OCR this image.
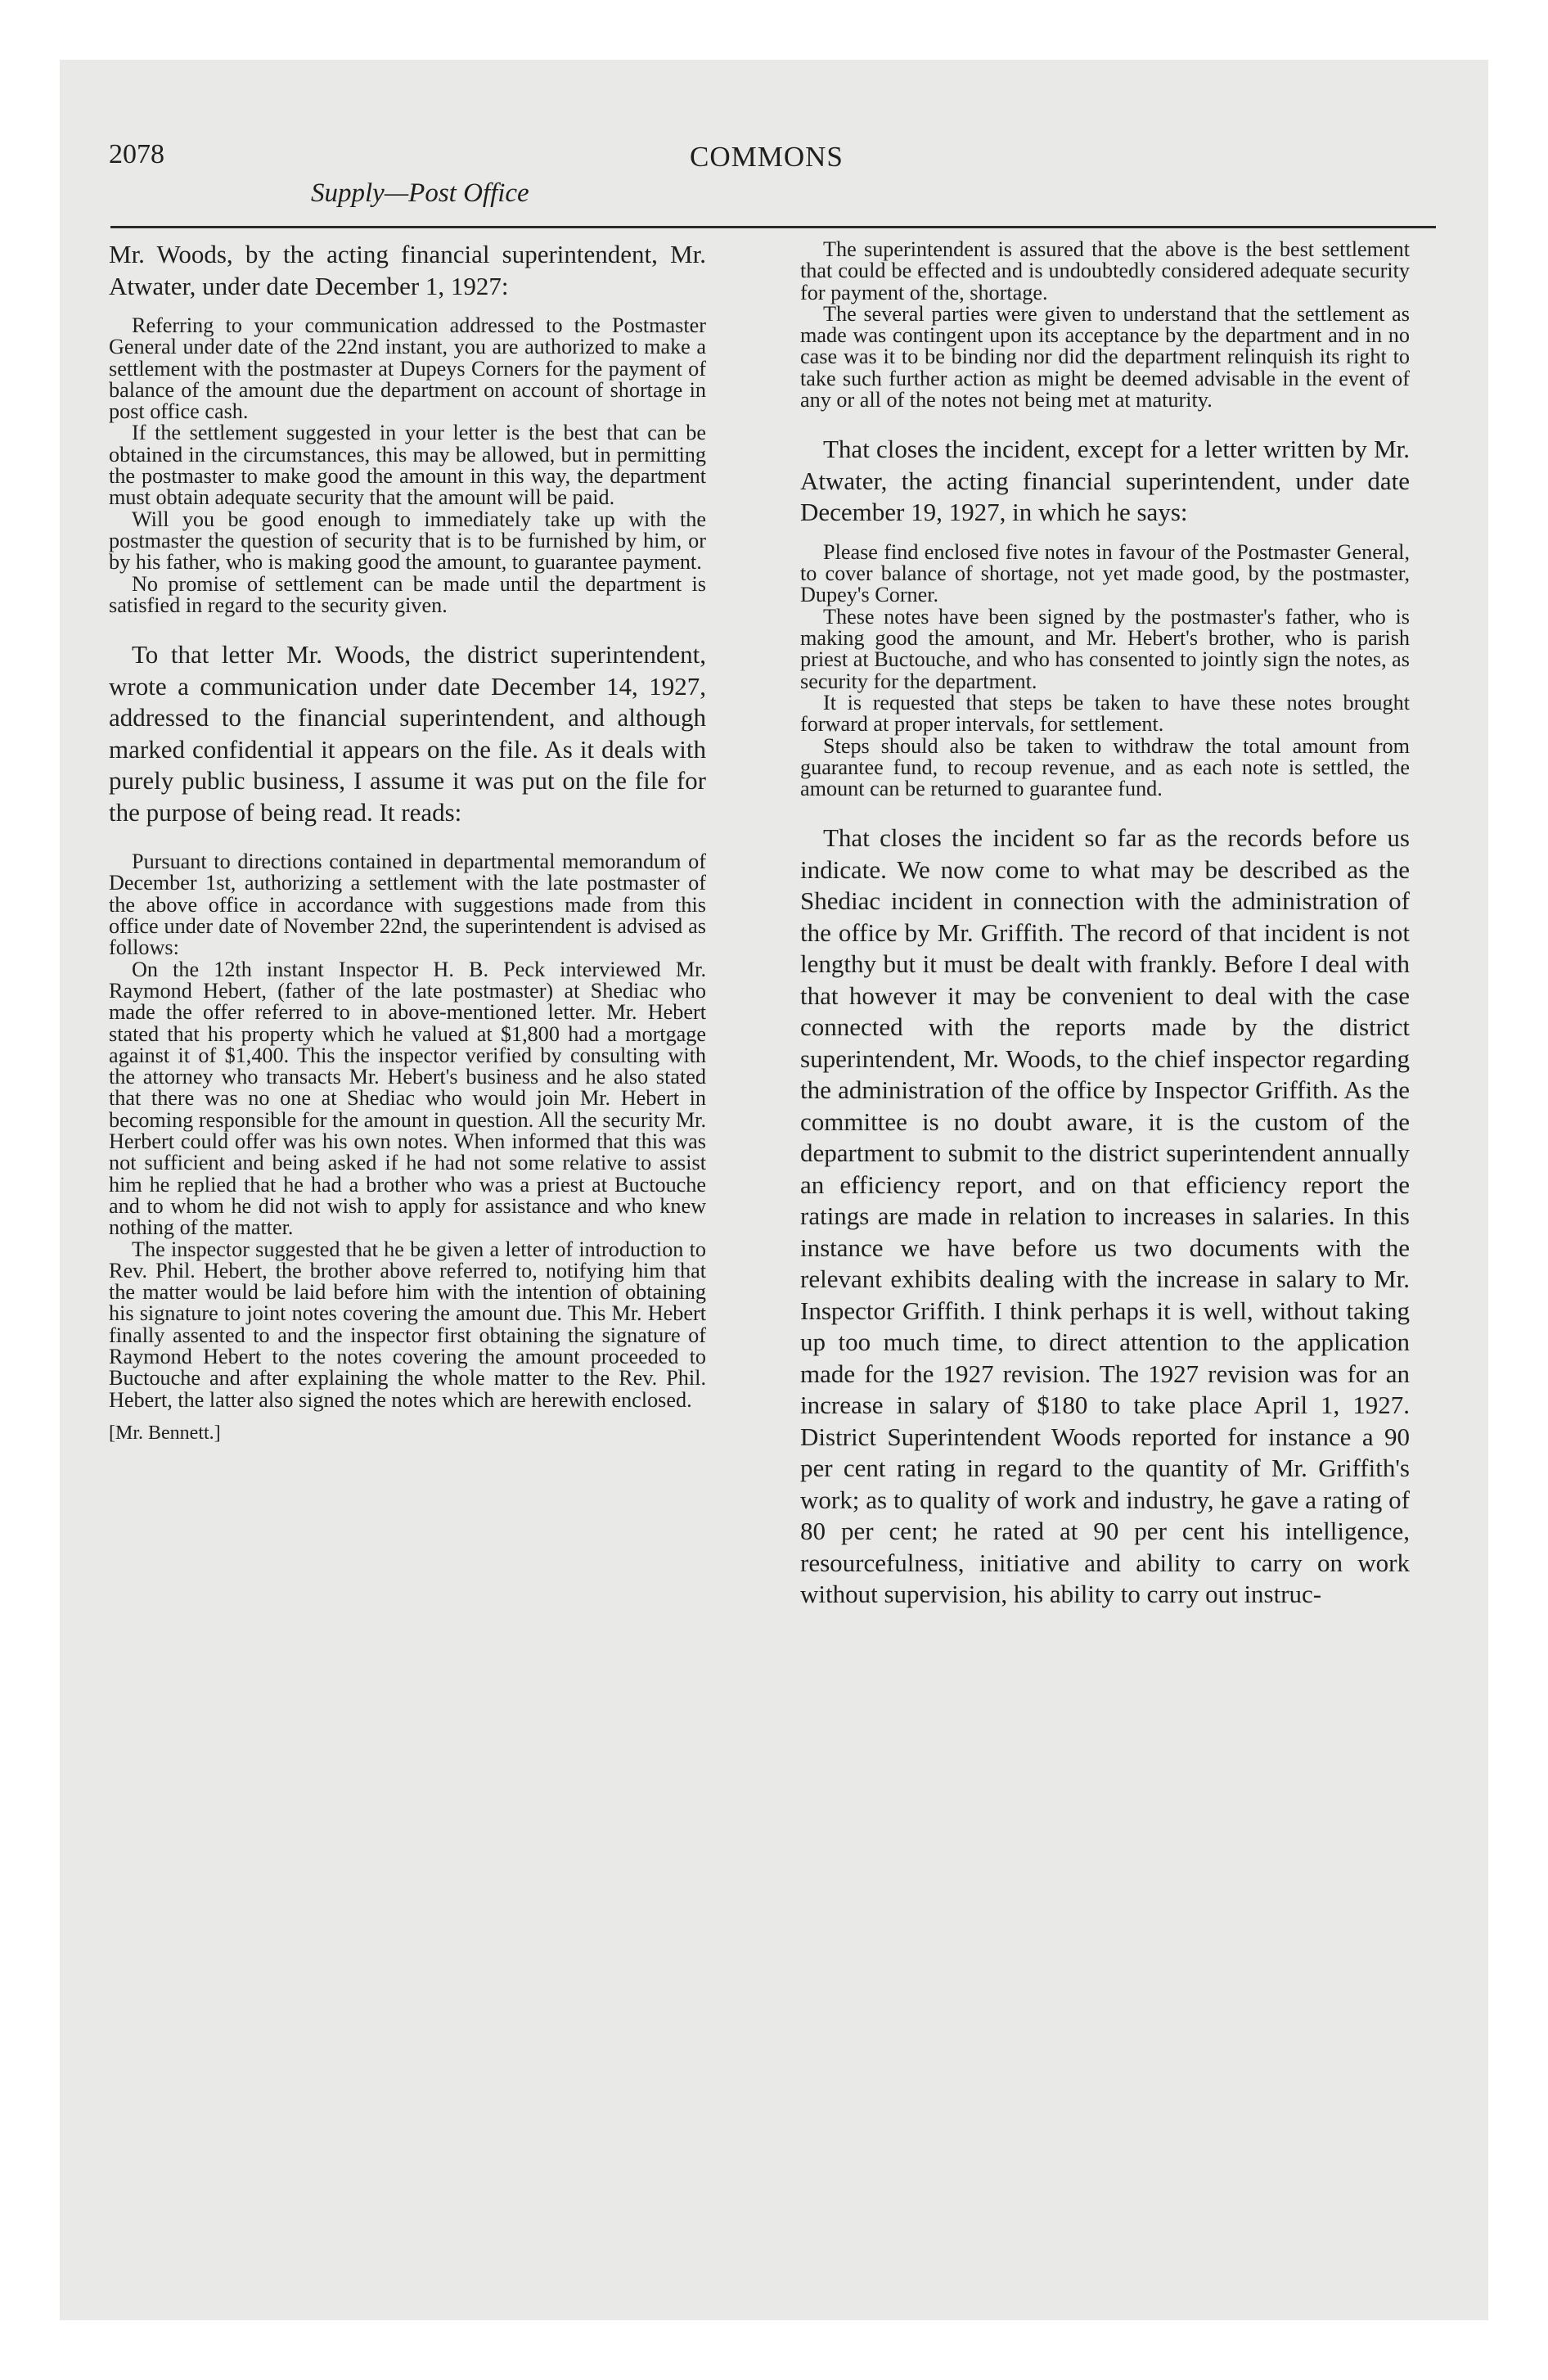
2078
Supply—Post Office
COMMONS

Mr. Woods, by the acting financial superintendent, Mr. Atwater, under date December 1, 1927:

Referring to your communication addressed to the Postmaster General under date of the 22nd instant, you are authorized to make a settlement with the postmaster at Dupeys Corners for the payment of balance of the amount due the department on account of shortage in post office cash.

If the settlement suggested in your letter is the best that can be obtained in the circumstances, this may be allowed, but in permitting the postmaster to make good the amount in this way, the department must obtain adequate security that the amount will be paid.

Will you be good enough to immediately take up with the postmaster the question of security that is to be furnished by him, or by his father, who is making good the amount, to guarantee payment.

No promise of settlement can be made until the department is satisfied in regard to the security given.

To that letter Mr. Woods, the district superintendent, wrote a communication under date December 14, 1927, addressed to the financial superintendent, and although marked confidential it appears on the file. As it deals with purely public business, I assume it was put on the file for the purpose of being read. It reads:

Pursuant to directions contained in departmental memorandum of December 1st, authorizing a settlement with the late postmaster of the above office in accordance with suggestions made from this office under date of November 22nd, the superintendent is advised as follows:

On the 12th instant Inspector H. B. Peck interviewed Mr. Raymond Hebert, (father of the late postmaster) at Shediac who made the offer referred to in above-mentioned letter. Mr. Hebert stated that his property which he valued at $1,800 had a mortgage against it of $1,400. This the inspector verified by consulting with the attorney who transacts Mr. Hebert's business and he also stated that there was no one at Shediac who would join Mr. Hebert in becoming responsible for the amount in question. All the security Mr. Herbert could offer was his own notes. When informed that this was not sufficient and being asked if he had not some relative to assist him he replied that he had a brother who was a priest at Buctouche and to whom he did not wish to apply for assistance and who knew nothing of the matter.

The inspector suggested that he be given a letter of introduction to Rev. Phil. Hebert, the brother above referred to, notifying him that the matter would be laid before him with the intention of obtaining his signature to joint notes covering the amount due. This Mr. Hebert finally assented to and the inspector first obtaining the signature of Raymond Hebert to the notes covering the amount proceeded to Buctouche and after explaining the whole matter to the Rev. Phil. Hebert, the latter also signed the notes which are herewith enclosed.

[Mr. Bennett.]

The superintendent is assured that the above is the best settlement that could be effected and is undoubtedly considered adequate security for payment of the, shortage.

The several parties were given to understand that the settlement as made was contingent upon its acceptance by the department and in no case was it to be binding nor did the department relinquish its right to take such further action as might be deemed advisable in the event of any or all of the notes not being met at maturity.

That closes the incident, except for a letter written by Mr. Atwater, the acting financial superintendent, under date December 19, 1927, in which he says:

Please find enclosed five notes in favour of the Postmaster General, to cover balance of shortage, not yet made good, by the postmaster, Dupey's Corner.

These notes have been signed by the postmaster's father, who is making good the amount, and Mr. Hebert's brother, who is parish priest at Buctouche, and who has consented to jointly sign the notes, as security for the department.

It is requested that steps be taken to have these notes brought forward at proper intervals, for settlement.

Steps should also be taken to withdraw the total amount from guarantee fund, to recoup revenue, and as each note is settled, the amount can be returned to guarantee fund.

That closes the incident so far as the records before us indicate. We now come to what may be described as the Shediac incident in connection with the administration of the office by Mr. Griffith. The record of that incident is not lengthy but it must be dealt with frankly. Before I deal with that however it may be convenient to deal with the case connected with the reports made by the district superintendent, Mr. Woods, to the chief inspector regarding the administration of the office by Inspector Griffith. As the committee is no doubt aware, it is the custom of the department to submit to the district superintendent annually an efficiency report, and on that efficiency report the ratings are made in relation to increases in salaries. In this instance we have before us two documents with the relevant exhibits dealing with the increase in salary to Mr. Inspector Griffith. I think perhaps it is well, without taking up too much time, to direct attention to the application made for the 1927 revision. The 1927 revision was for an increase in salary of $180 to take place April 1, 1927. District Superintendent Woods reported for instance a 90 per cent rating in regard to the quantity of Mr. Griffith's work; as to quality of work and industry, he gave a rating of 80 per cent; he rated at 90 per cent his intelligence, resourcefulness, initiative and ability to carry on work without supervision, his ability to carry out instruc-
